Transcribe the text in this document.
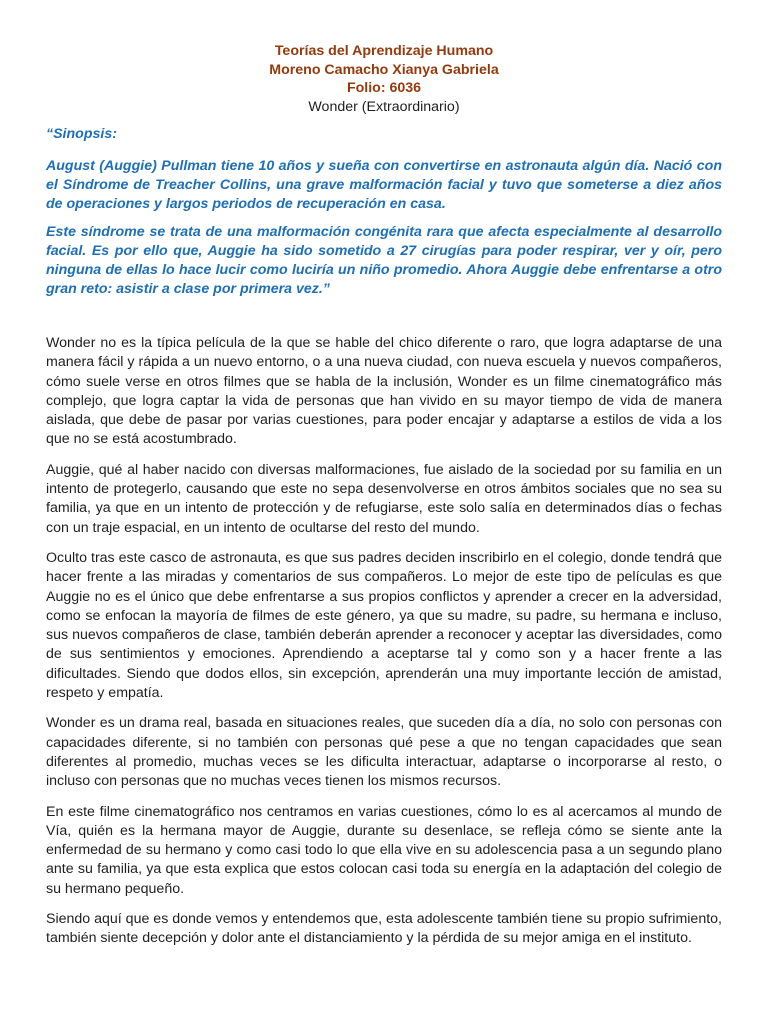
Teorías del Aprendizaje Humano
Moreno Camacho Xianya Gabriela
Folio: 6036
Wonder (Extraordinario)

“Sinopsis:

August (Auggie) Pullman tiene 10 años y sueña con convertirse en astronauta algún día. Nació con el Síndrome de Treacher Collins, una grave malformación facial y tuvo que someterse a diez años de operaciones y largos periodos de recuperación en casa.

Este síndrome se trata de una malformación congénita rara que afecta especialmente al desarrollo facial. Es por ello que, Auggie ha sido sometido a 27 cirugías para poder respirar, ver y oír, pero ninguna de ellas lo hace lucir como luciría un niño promedio. Ahora Auggie debe enfrentarse a otro gran reto: asistir a clase por primera vez.”

Wonder no es la típica película de la que se hable del chico diferente o raro, que logra adaptarse de una manera fácil y rápida a un nuevo entorno, o a una nueva ciudad, con nueva escuela y nuevos compañeros, cómo suele verse en otros filmes que se habla de la inclusión, Wonder es un filme cinematográfico más complejo, que logra captar la vida de personas que han vivido en su mayor tiempo de vida de manera aislada, que debe de pasar por varias cuestiones, para poder encajar y adaptarse a estilos de vida a los que no se está acostumbrado.

Auggie, qué al haber nacido con diversas malformaciones, fue aislado de la sociedad por su familia en un intento de protegerlo, causando que este no sepa desenvolverse en otros ámbitos sociales que no sea su familia, ya que en un intento de protección y de refugiarse, este solo salía en determinados días o fechas con un traje espacial, en un intento de ocultarse del resto del mundo.

Oculto tras este casco de astronauta, es que sus padres deciden inscribirlo en el colegio, donde tendrá que hacer frente a las miradas y comentarios de sus compañeros. Lo mejor de este tipo de películas es que Auggie no es el único que debe enfrentarse a sus propios conflictos y aprender a crecer en la adversidad, como se enfocan la mayoría de filmes de este género, ya que su madre, su padre, su hermana e incluso, sus nuevos compañeros de clase, también deberán aprender a reconocer y aceptar las diversidades, como de sus sentimientos y emociones. Aprendiendo a aceptarse tal y como son y a hacer frente a las dificultades. Siendo que dodos ellos, sin excepción, aprenderán una muy importante lección de amistad, respeto y empatía.

Wonder es un drama real, basada en situaciones reales, que suceden día a día, no solo con personas con capacidades diferente, si no también con personas qué pese a que no tengan capacidades que sean diferentes al promedio, muchas veces se les dificulta interactuar, adaptarse o incorporarse al resto, o incluso con personas que no muchas veces tienen los mismos recursos.

En este filme cinematográfico nos centramos en varias cuestiones, cómo lo es al acercamos al mundo de Vía, quién es la hermana mayor de Auggie, durante su desenlace, se refleja cómo se siente ante la enfermedad de su hermano y como casi todo lo que ella vive en su adolescencia pasa a un segundo plano ante su familia, ya que esta explica que estos colocan casi toda su energía en la adaptación del colegio de su hermano pequeño.

Siendo aquí que es donde vemos y entendemos que, esta adolescente también tiene su propio sufrimiento, también siente decepción y dolor ante el distanciamiento y la pérdida de su mejor amiga en el instituto.
